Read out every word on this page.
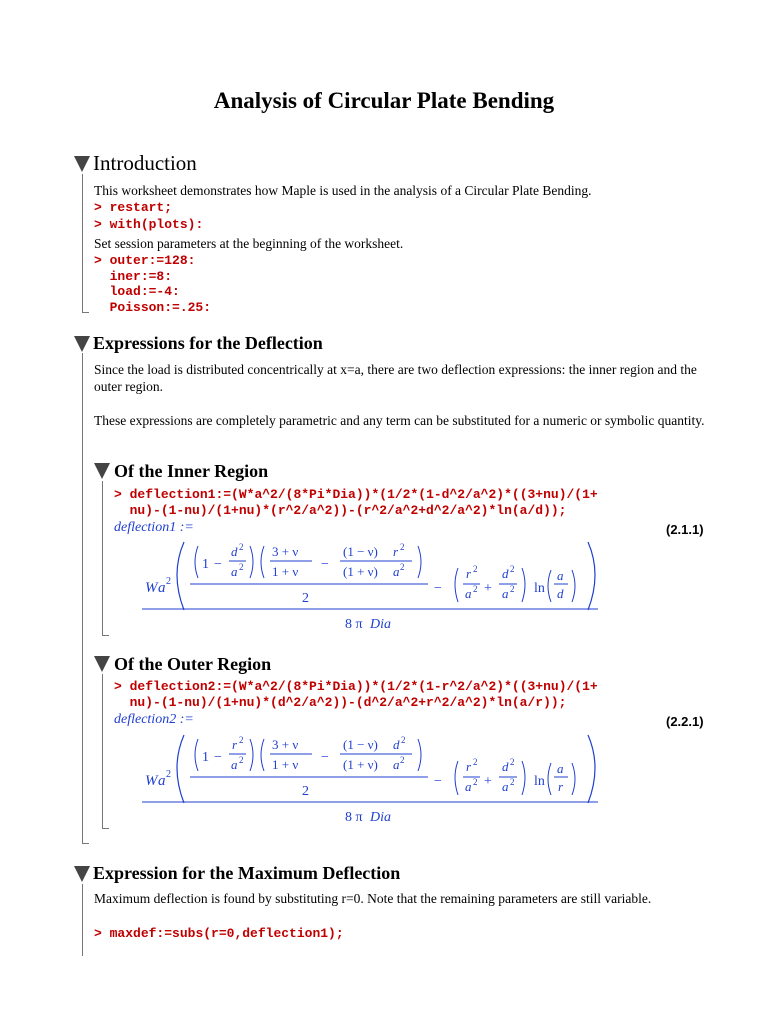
Analysis of Circular Plate Bending
Introduction
This worksheet demonstrates how Maple is used in the analysis of a Circular Plate Bending.
> restart;
> with(plots):
Set session parameters at the beginning of the worksheet.
> outer:=128:
iner:=8:
load:=-4:
Poisson:=.25:
Expressions for the Deflection
Since the load is distributed concentrically at x=a, there are two deflection expressions: the inner region and the outer region.
These expressions are completely parametric and any term can be substituted for a numeric or symbolic quantity.
Of the Inner Region
> deflection1:=(W*a^2/(8*Pi*Dia))*(1/2*(1-d^2/a^2)*((3+nu)/(1+
nu)-(1-nu)/(1+nu)*(r^2/a^2))-(r^2/a^2+d^2/a^2)*ln(a/d));
deflection1 :=	(2.1.1)
W a 2
1 −
d 2
a 2
3 + ν
1 + ν −
(1 − ν) r 2
(1 + ν) a 2
2
−
r 2
a 2 +
d 2
a 2 ln
a
d
8 π Dia
Of the Outer Region
> deflection2:=(W*a^2/(8*Pi*Dia))*(1/2*(1-r^2/a^2)*((3+nu)/(1+
nu)-(1-nu)/(1+nu)*(d^2/a^2))-(d^2/a^2+r^2/a^2)*ln(a/r));
deflection2 :=	(2.2.1)
W a 2
1 −
r 2
a 2
3 + ν
1 + ν −
(1 − ν) d 2
(1 + ν) a 2
2
−
r 2
a 2 +
d 2
a 2 ln
a
r
8 π Dia
Expression for the Maximum Deflection
Maximum deflection is found by substituting r=0. Note that the remaining parameters are still variable.
> maxdef:=subs(r=0,deflection1);
